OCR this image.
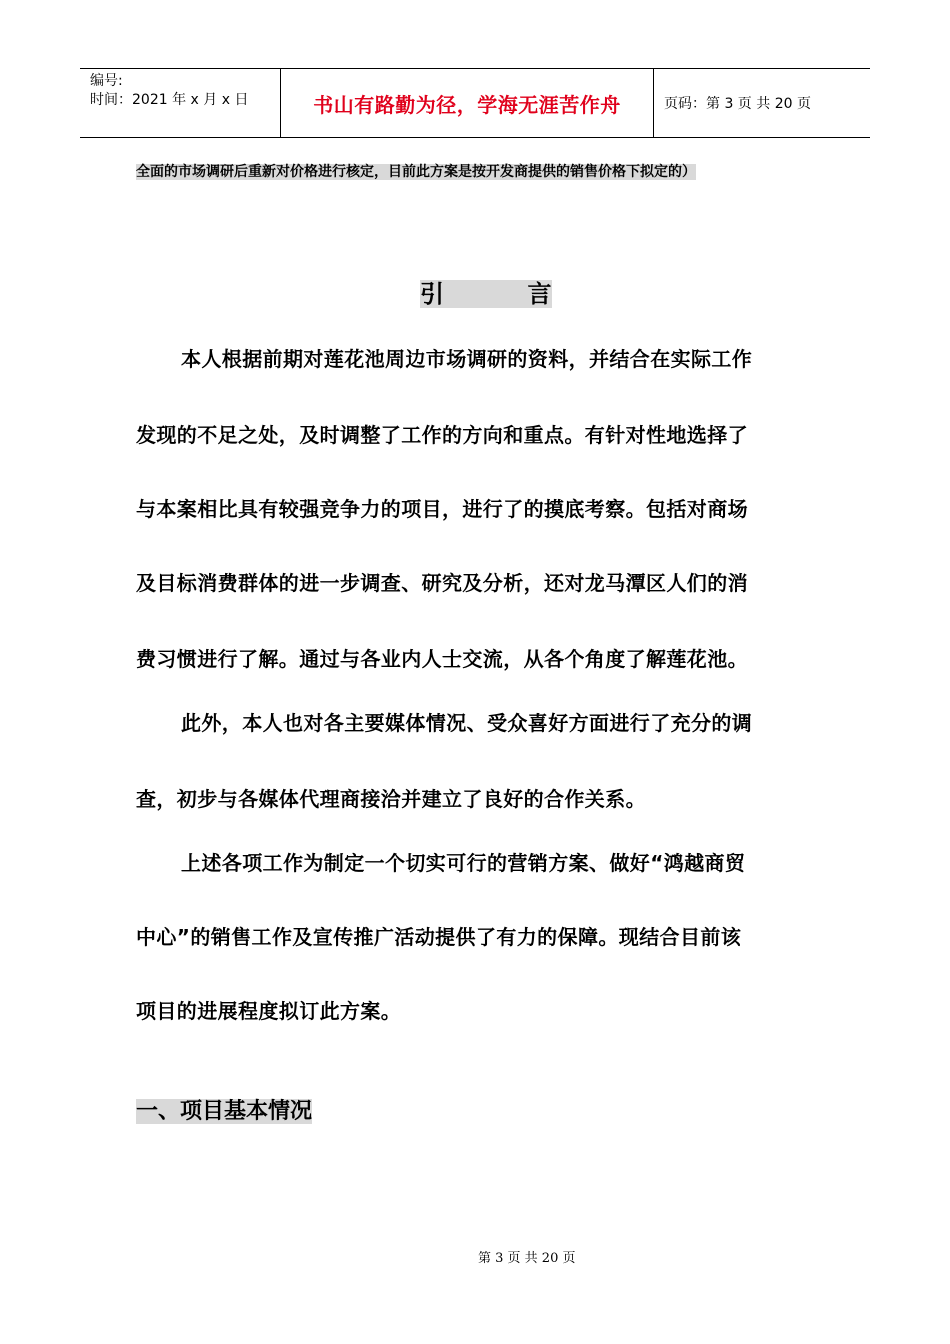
编号:
时间：2021 年 x 月 x 日	书山有路勤为径，学海无涯苦作舟	页码：第 3 页 共 20 页
全面的市场调研后重新对价格进行核定，目前此方案是按开发商提供的销售价格下拟定的）
引          言
本人根据前期对莲花池周边市场调研的资料，并结合在实际工作
发现的不足之处，及时调整了工作的方向和重点。有针对性地选择了
与本案相比具有较强竞争力的项目，进行了的摸底考察。包括对商场
及目标消费群体的进一步调查、研究及分析，还对龙马潭区人们的消
费习惯进行了解。通过与各业内人士交流，从各个角度了解莲花池。
此外，本人也对各主要媒体情况、受众喜好方面进行了充分的调
查，初步与各媒体代理商接洽并建立了良好的合作关系。
上述各项工作为制定一个切实可行的营销方案、做好“鸿越商贸
中心”的销售工作及宣传推广活动提供了有力的保障。现结合目前该
项目的进展程度拟订此方案。
一、项目基本情况
第 3 页 共 20 页
